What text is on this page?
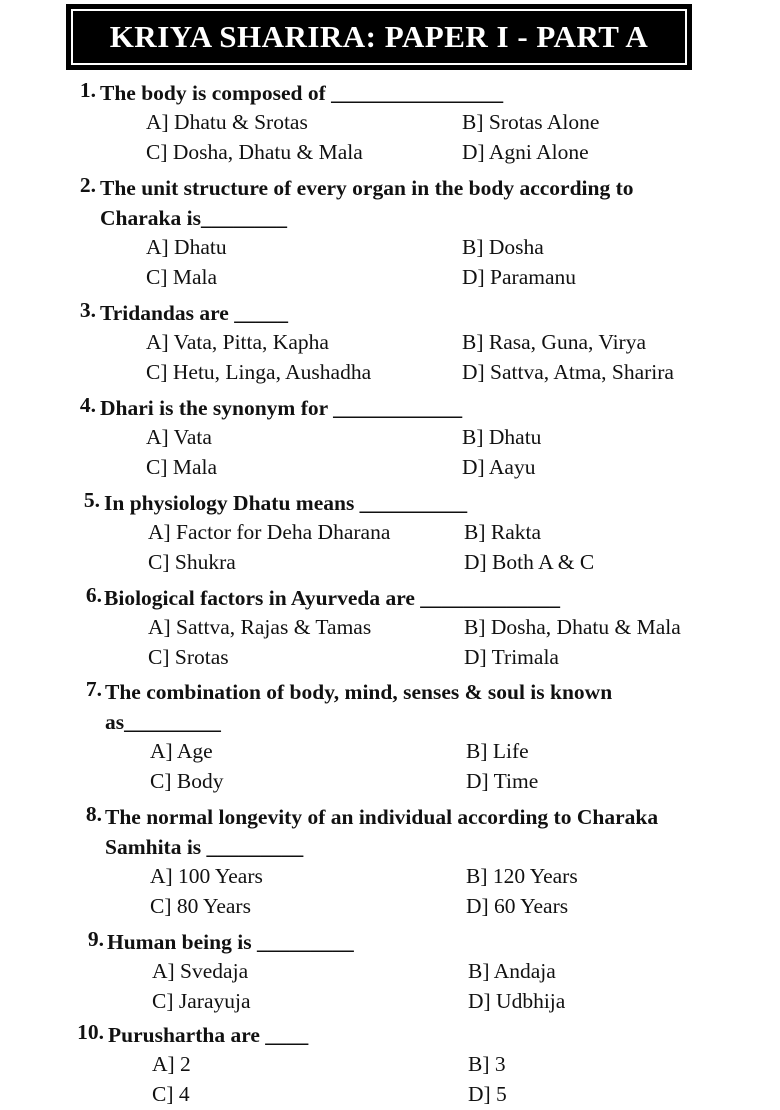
KRIYA SHARIRA: PAPER I - PART A
1. The body is composed of ________________
A] Dhatu & Srotas	B] Srotas Alone
C] Dosha, Dhatu & Mala	D] Agni Alone
2. The unit structure of every organ in the body according to Charaka is________
A] Dhatu	B] Dosha
C] Mala	D] Paramanu
3. Tridandas are _____
A] Vata, Pitta, Kapha	B] Rasa, Guna, Virya
C] Hetu, Linga, Aushadha	D] Sattva, Atma, Sharira
4. Dhari is the synonym for ____________
A] Vata	B] Dhatu
C] Mala	D] Aayu
5. In physiology Dhatu means __________
A] Factor for Deha Dharana	B] Rakta
C] Shukra	D] Both A & C
6. Biological factors in Ayurveda are _____________
A] Sattva, Rajas & Tamas	B] Dosha, Dhatu & Mala
C] Srotas	D] Trimala
7. The combination of body, mind, senses & soul is known as_________
A] Age	B] Life
C] Body	D] Time
8. The normal longevity of an individual according to Charaka Samhita is _________
A] 100 Years	B] 120 Years
C] 80 Years	D] 60 Years
9. Human being is _________
A] Svedaja	B] Andaja
C] Jarayuja	D] Udbhija
10. Purushartha are ____
A] 2	B] 3
C] 4	D] 5
